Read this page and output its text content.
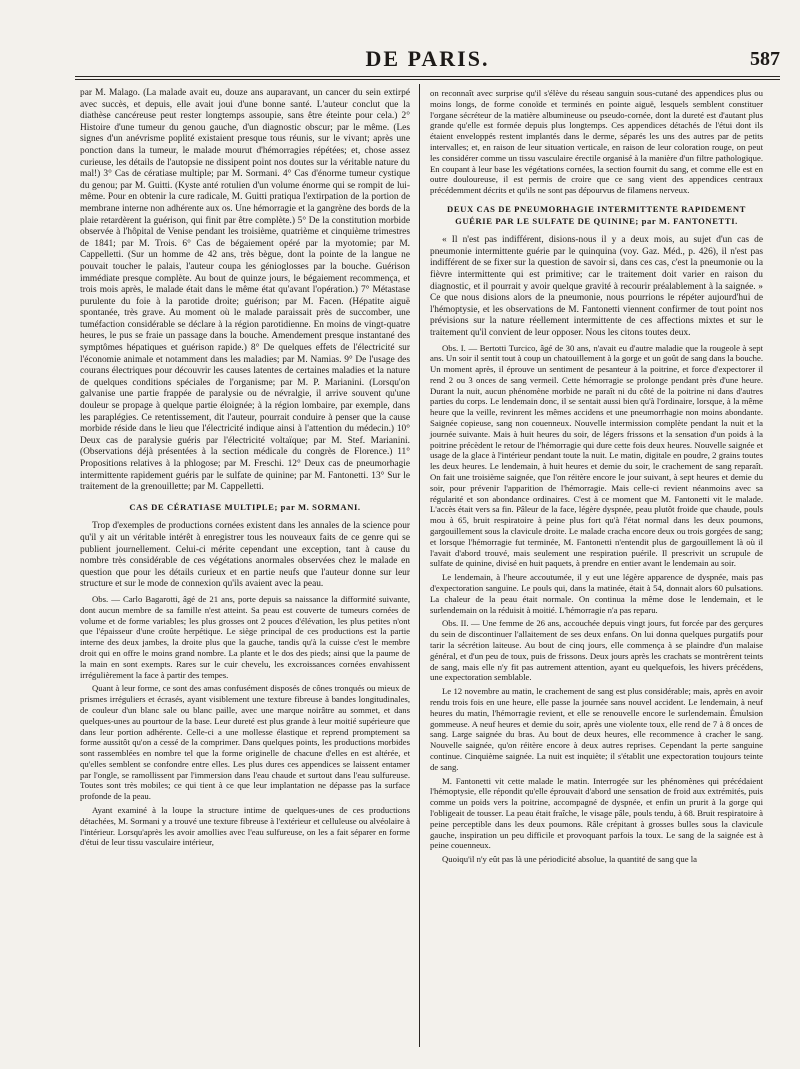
DE PARIS.	587

par M. Malago. (La malade avait eu, douze ans auparavant, un cancer du sein extirpé avec succès, et depuis, elle avait joui d'une bonne santé. L'auteur conclut que la diathèse cancéreuse peut rester longtemps assoupie, sans être éteinte pour cela.) 2° Histoire d'une tumeur du genou gauche, d'un diagnostic obscur; par le même. (Les signes d'un anévrisme poplité existaient presque tous réunis, sur le vivant; après une ponction dans la tumeur, le malade mourut d'hémorragies répétées; et, chose assez curieuse, les détails de l'autopsie ne dissipent point nos doutes sur la véritable nature du mal!) 3° Cas de cératiase multiple; par M. Sormani. 4° Cas d'énorme tumeur cystique du genou; par M. Guitti. (Kyste anté rotulien d'un volume énorme qui se rompit de lui-même. Pour en obtenir la cure radicale, M. Guitti pratiqua l'extirpation de la portion de membrane interne non adhérente aux os. Une hémorragie et la gangrène des bords de la plaie retardèrent la guérison, qui finit par être complète.) 5° De la constitution morbide observée à l'hôpital de Venise pendant les troisième, quatrième et cinquième trimestres de 1841; par M. Trois. 6° Cas de bégaiement opéré par la myotomie; par M. Cappelletti. (Sur un homme de 42 ans, très bègue, dont la pointe de la langue ne pouvait toucher le palais, l'auteur coupa les génioglosses par la bouche. Guérison immédiate presque complète. Au bout de quinze jours, le bégaiement recommença, et trois mois après, le malade était dans le même état qu'avant l'opération.) 7° Métastase purulente du foie à la parotide droite; guérison; par M. Facen. (Hépatite aiguë spontanée, très grave. Au moment où le malade paraissait près de succomber, une tuméfaction considérable se déclare à la région parotidienne. En moins de vingt-quatre heures, le pus se fraie un passage dans la bouche. Amendement presque instantané des symptômes hépatiques et guérison rapide.) 8° De quelques effets de l'électricité sur l'économie animale et notamment dans les maladies; par M. Namias. 9° De l'usage des courans électriques pour découvrir les causes latentes de certaines maladies et la nature de quelques conditions spéciales de l'organisme; par M. P. Marianini. (Lorsqu'on galvanise une partie frappée de paralysie ou de névralgie, il arrive souvent qu'une douleur se propage à quelque partie éloignée; à la région lombaire, par exemple, dans les paraplégies. Ce retentissement, dit l'auteur, pourrait conduire à penser que la cause morbide réside dans le lieu que l'électricité indique ainsi à l'attention du médecin.) 10° Deux cas de paralysie guéris par l'électricité voltaïque; par M. Stef. Marianini. (Observations déjà présentées à la section médicale du congrès de Florence.) 11° Propositions relatives à la phlogose; par M. Freschi. 12° Deux cas de pneumorhagie intermittente rapidement guéris par le sulfate de quinine; par M. Fantonetti. 13° Sur le traitement de la grenouillette; par M. Cappelletti.

CAS DE CÉRATIASE MULTIPLE; par M. SORMANI.

Trop d'exemples de productions cornées existent dans les annales de la science pour qu'il y ait un véritable intérêt à enregistrer tous les nouveaux faits de ce genre qui se publient journellement. Celui-ci mérite cependant une exception, tant à cause du nombre très considérable de ces végétations anormales observées chez le malade en question que pour les détails curieux et en partie neufs que l'auteur donne sur leur structure et sur le mode de connexion qu'ils avaient avec la peau.

Obs. — Carlo Bagarotti, âgé de 21 ans, porte depuis sa naissance la difformité suivante, dont aucun membre de sa famille n'est atteint. Sa peau est couverte de tumeurs cornées de volume et de forme variables; les plus grosses ont 2 pouces d'élévation, les plus petites n'ont que l'épaisseur d'une croûte herpétique. Le siège principal de ces productions est la partie interne des deux jambes, la droite plus que la gauche, tandis qu'à la cuisse c'est le membre droit qui en offre le moins grand nombre. La plante et le dos des pieds; ainsi que la paume de la main en sont exempts. Rares sur le cuir chevelu, les excroissances cornées envahissent irrégulièrement la face à partir des tempes.

Quant à leur forme, ce sont des amas confusément disposés de cônes tronqués ou mieux de prismes irréguliers et écrasés, ayant visiblement une texture fibreuse à bandes longitudinales, de couleur d'un blanc sale ou blanc paille, avec une marque noirâtre au sommet, et dans quelques-unes au pourtour de la base. Leur dureté est plus grande à leur moitié supérieure que dans leur portion adhérente. Celle-ci a une mollesse élastique et reprend promptement sa forme aussitôt qu'on a cessé de la comprimer. Dans quelques points, les productions morbides sont rassemblées en nombre tel que la forme originelle de chacune d'elles en est altérée, et qu'elles semblent se confondre entre elles. Les plus dures ces appendices se laissent entamer par l'ongle, se ramollissent par l'immersion dans l'eau chaude et surtout dans l'eau sulfureuse. Toutes sont très mobiles; ce qui tient à ce que leur implantation ne dépasse pas la surface profonde de la peau.

Ayant examiné à la loupe la structure intime de quelques-unes de ces productions détachées, M. Sormani y a trouvé une texture fibreuse à l'extérieur et celluleuse ou alvéolaire à l'intérieur. Lorsqu'après les avoir amollies avec l'eau sulfureuse, on les a fait séparer en forme d'étui de leur tissu vasculaire intérieur,

on reconnaît avec surprise qu'il s'élève du réseau sanguin sous-cutané des appendices plus ou moins longs, de forme conoïde et terminés en pointe aiguë, lesquels semblent constituer l'organe sécréteur de la matière albumineuse ou pseudo-cornée, dont la dureté est d'autant plus grande qu'elle est formée depuis plus longtemps. Ces appendices détachés de l'étui dont ils étaient enveloppés restent implantés dans le derme, séparés les uns des autres par de petits intervalles; et, en raison de leur situation verticale, en raison de leur coloration rouge, on peut les considérer comme un tissu vasculaire érectile organisé à la manière d'un filtre pathologique. En coupant à leur base les végétations cornées, la section fournit du sang, et comme elle est en outre douloureuse, il est permis de croire que ce sang vient des appendices centraux précédemment décrits et qu'ils ne sont pas dépourvus de filamens nerveux.

DEUX CAS DE PNEUMORHAGIE INTERMITTENTE RAPIDEMENT GUÉRIE PAR LE SULFATE DE QUININE; par M. FANTONETTI.

« Il n'est pas indifférent, disions-nous il y a deux mois, au sujet d'un cas de pneumonie intermittente guérie par le quinquina (voy. Gaz. Méd., p. 426), il n'est pas indifférent de se fixer sur la question de savoir si, dans ces cas, c'est la pneumonie ou la fièvre intermittente qui est primitive; car le traitement doit varier en raison du diagnostic, et il pourrait y avoir quelque gravité à recourir préalablement à la saignée. » Ce que nous disions alors de la pneumonie, nous pourrions le répéter aujourd'hui de l'hémoptysie, et les observations de M. Fantonetti viennent confirmer de tout point nos prévisions sur la nature réellement intermittente de ces affections mixtes et sur le traitement qu'il convient de leur opposer. Nous les citons toutes deux.

Obs. I. — Bertotti Turcico, âgé de 30 ans, n'avait eu d'autre maladie que la rougeole à sept ans. Un soir il sentit tout à coup un chatouillement à la gorge et un goût de sang dans la bouche. Un moment après, il éprouve un sentiment de pesanteur à la poitrine, et force d'expectorer il rend 2 ou 3 onces de sang vermeil. Cette hémorragie se prolonge pendant près d'une heure. Durant la nuit, aucun phénomène morbide ne paraît ni du côté de la poitrine ni dans d'autres parties du corps. Le lendemain donc, il se sentait aussi bien qu'à l'ordinaire, lorsque, à la même heure que la veille, revinrent les mêmes accidens et une pneumorrhagie non moins abondante. Saignée copieuse, sang non couenneux. Nouvelle intermission complète pendant la nuit et la journée suivante. Mais à huit heures du soir, de légers frissons et la sensation d'un poids à la poitrine précèdent le retour de l'hémorragie qui dure cette fois deux heures. Nouvelle saignée et usage de la glace à l'intérieur pendant toute la nuit. Le matin, digitale en poudre, 2 grains toutes les deux heures. Le lendemain, à huit heures et demie du soir, le crachement de sang reparaît. On fait une troisième saignée, que l'on réitère encore le jour suivant, à sept heures et demie du soir, pour prévenir l'apparition de l'hémorragie. Mais celle-ci revient néanmoins avec sa régularité et son abondance ordinaires. C'est à ce moment que M. Fantonetti vit le malade. L'accès était vers sa fin. Pâleur de la face, légère dyspnée, peau plutôt froide que chaude, pouls mou à 65, bruit respiratoire à peine plus fort qu'à l'état normal dans les deux poumons, gargouillement sous la clavicule droite. Le malade cracha encore deux ou trois gorgées de sang; et lorsque l'hémorragie fut terminée, M. Fantonetti n'entendit plus de gargouillement là où il l'avait d'abord trouvé, mais seulement une respiration puérile. Il prescrivit un scrupule de sulfate de quinine, divisé en huit paquets, à prendre en entier avant le lendemain au soir.

Le lendemain, à l'heure accoutumée, il y eut une légère apparence de dyspnée, mais pas d'expectoration sanguine. Le pouls qui, dans la matinée, était à 54, donnait alors 60 pulsations. La chaleur de la peau était normale. On continua la même dose le lendemain, et le surlendemain on la réduisit à moitié. L'hémorragie n'a pas reparu.

Obs. II. — Une femme de 26 ans, accouchée depuis vingt jours, fut forcée par des gerçures du sein de discontinuer l'allaitement de ses deux enfans. On lui donna quelques purgatifs pour tarir la sécrétion laiteuse. Au bout de cinq jours, elle commença à se plaindre d'un malaise général, et d'un peu de toux, puis de frissons. Deux jours après les crachats se montrèrent teints de sang, mais elle n'y fit pas autrement attention, ayant eu quelquefois, les hivers précédens, une expectoration semblable.

Le 12 novembre au matin, le crachement de sang est plus considérable; mais, après en avoir rendu trois fois en une heure, elle passe la journée sans nouvel accident. Le lendemain, à neuf heures du matin, l'hémorragie revient, et elle se renouvelle encore le surlendemain. Émulsion gommeuse. A neuf heures et demie du soir, après une violente toux, elle rend de 7 à 8 onces de sang. Large saignée du bras. Au bout de deux heures, elle recommence à cracher le sang. Nouvelle saignée, qu'on réitère encore à deux autres reprises. Cependant la perte sanguine continue. Cinquième saignée. La nuit est inquiète; il s'établit une expectoration toujours teinte de sang.

M. Fantonetti vit cette malade le matin. Interrogée sur les phénomènes qui précédaient l'hémoptysie, elle répondit qu'elle éprouvait d'abord une sensation de froid aux extrémités, puis comme un poids vers la poitrine, accompagné de dyspnée, et enfin un prurit à la gorge qui l'obligeait de tousser. La peau était fraîche, le visage pâle, pouls tendu, à 68. Bruit respiratoire à peine perceptible dans les deux poumons. Râle crépitant à grosses bulles sous la clavicule gauche, inspiration un peu difficile et provoquant parfois la toux. Le sang de la saignée est à peine couenneux.

Quoiqu'il n'y eût pas là une périodicité absolue, la quantité de sang que la
